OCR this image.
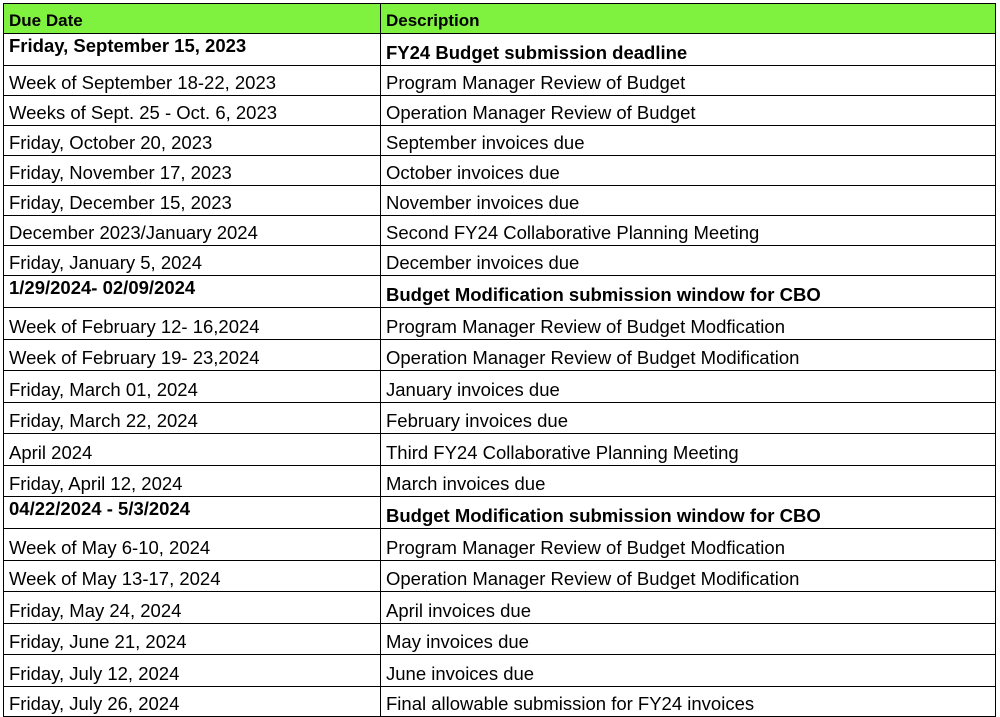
Due Date	Description
Friday, September 15, 2023	FY24 Budget submission deadline
Week of September 18-22, 2023	Program Manager Review of Budget
Weeks of Sept. 25 - Oct. 6, 2023	Operation Manager Review of Budget
Friday, October 20, 2023	September invoices due
Friday, November 17, 2023	October invoices due
Friday, December 15, 2023	November invoices due
December 2023/January 2024	Second FY24 Collaborative Planning Meeting
Friday, January 5, 2024	December invoices due
1/29/2024- 02/09/2024	Budget Modification submission window for CBO
Week of February 12- 16,2024	Program Manager Review of Budget Modfication
Week of February 19- 23,2024	Operation Manager Review of Budget Modification
Friday, March 01, 2024	January invoices due
Friday, March 22, 2024	February invoices due
April 2024	Third FY24 Collaborative Planning Meeting
Friday, April 12, 2024	March invoices due
04/22/2024 - 5/3/2024	Budget Modification submission window for CBO
Week of May 6-10, 2024	Program Manager Review of Budget Modfication
Week of May 13-17, 2024	Operation Manager Review of Budget Modification
Friday, May 24, 2024	April invoices due
Friday, June 21, 2024	May invoices due
Friday, July 12, 2024	June invoices due
Friday, July 26, 2024	Final allowable submission for FY24 invoices
